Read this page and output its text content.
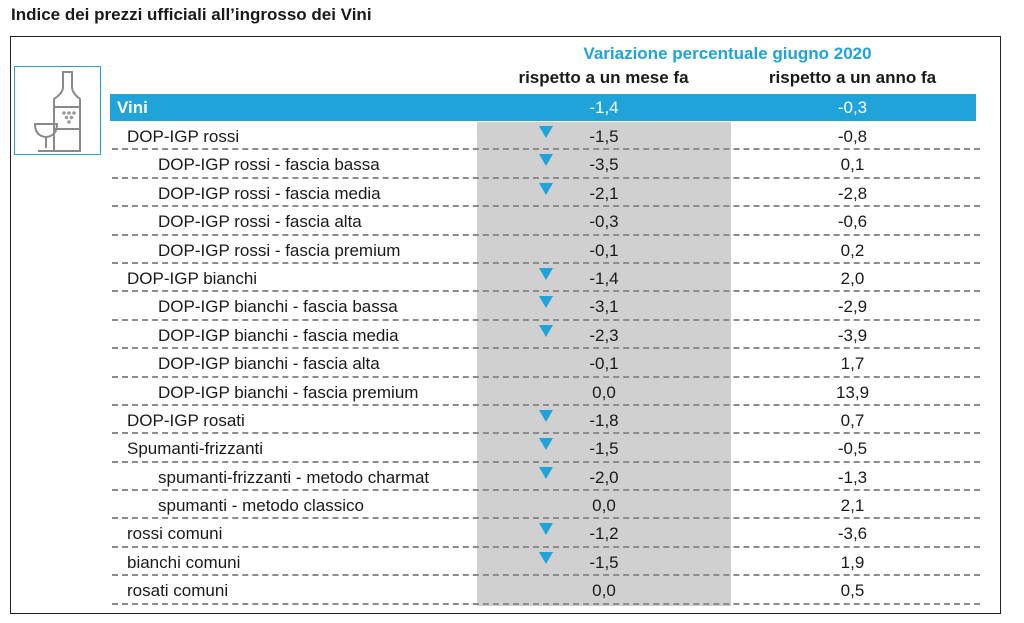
Indice dei prezzi ufficiali all’ingrosso dei Vini
Variazione percentuale giugno 2020
rispetto a un mese fa	rispetto a un anno fa
Vini	-1,4	-0,3
DOP-IGP rossi	-1,5	-0,8
DOP-IGP rossi - fascia bassa	-3,5	0,1
DOP-IGP rossi - fascia media	-2,1	-2,8
DOP-IGP rossi - fascia alta	-0,3	-0,6
DOP-IGP rossi - fascia premium	-0,1	0,2
DOP-IGP bianchi	-1,4	2,0
DOP-IGP bianchi - fascia bassa	-3,1	-2,9
DOP-IGP bianchi - fascia media	-2,3	-3,9
DOP-IGP bianchi - fascia alta	-0,1	1,7
DOP-IGP bianchi - fascia premium	0,0	13,9
DOP-IGP rosati	-1,8	0,7
Spumanti-frizzanti	-1,5	-0,5
spumanti-frizzanti - metodo charmat	-2,0	-1,3
spumanti - metodo classico	0,0	2,1
rossi comuni	-1,2	-3,6
bianchi comuni	-1,5	1,9
rosati comuni	0,0	0,5
